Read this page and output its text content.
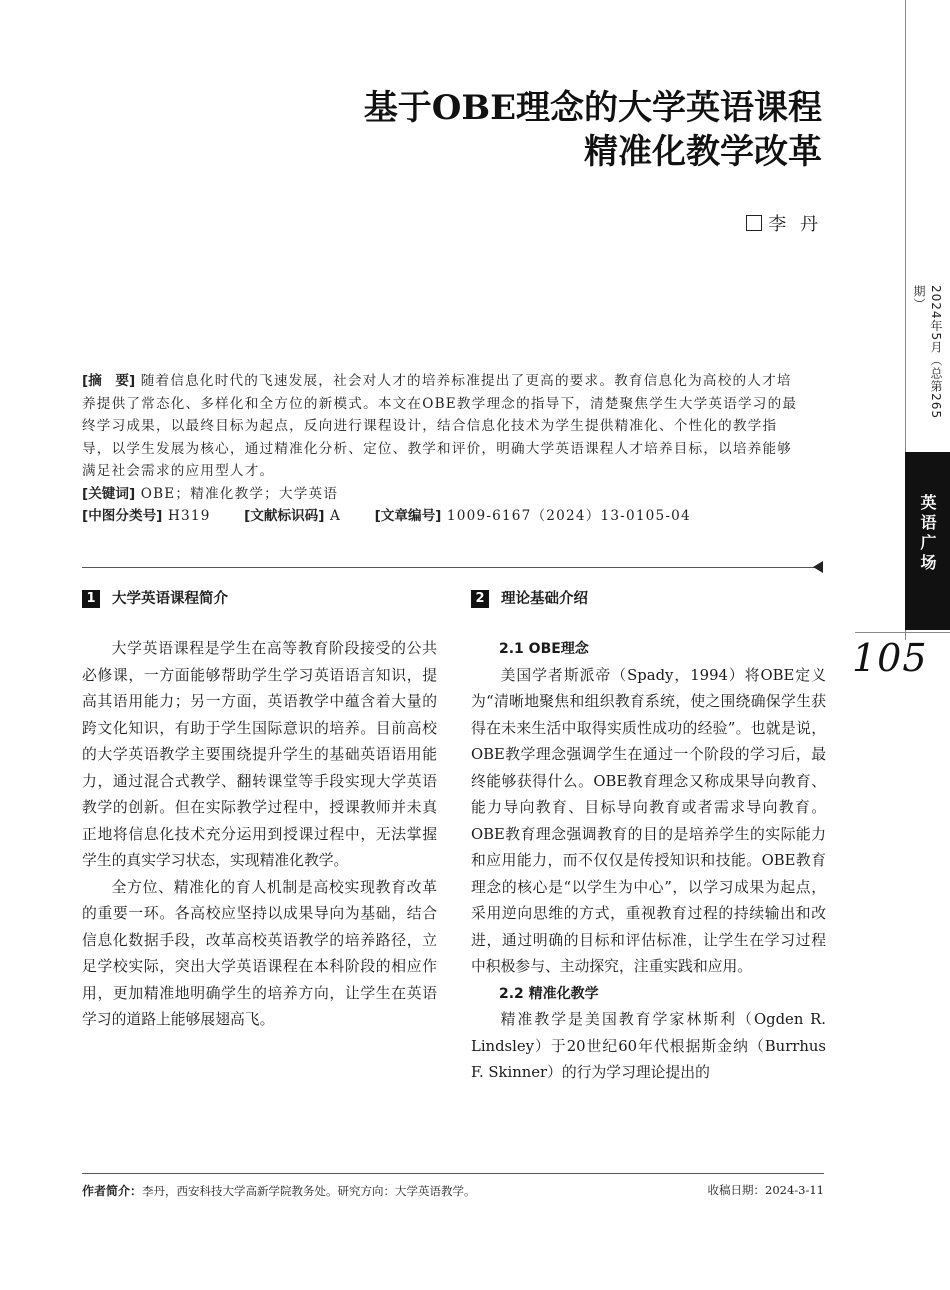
基于OBE理念的大学英语课程
精准化教学改革
李 丹
2024年5月（总第265期）
英语广场
105

[摘　要] 随着信息化时代的飞速发展，社会对人才的培养标准提出了更高的要求。教育信息化为高校的人才培养提供了常态化、多样化和全方位的新模式。本文在OBE教学理念的指导下，清楚聚焦学生大学英语学习的最终学习成果，以最终目标为起点，反向进行课程设计，结合信息化技术为学生提供精准化、个性化的教学指导，以学生发展为核心，通过精准化分析、定位、教学和评价，明确大学英语课程人才培养目标，以培养能够满足社会需求的应用型人才。

[关键词] OBE；精准化教学；大学英语

[中图分类号] H319 [文献标识码] A [文章编号] 1009-6167（2024）13-0105-04

1	大学英语课程简介

大学英语课程是学生在高等教育阶段接受的公共必修课，一方面能够帮助学生学习英语语言知识，提高其语用能力；另一方面，英语教学中蕴含着大量的跨文化知识，有助于学生国际意识的培养。目前高校的大学英语教学主要围绕提升学生的基础英语语用能力，通过混合式教学、翻转课堂等手段实现大学英语教学的创新。但在实际教学过程中，授课教师并未真正地将信息化技术充分运用到授课过程中，无法掌握学生的真实学习状态，实现精准化教学。

全方位、精准化的育人机制是高校实现教育改革的重要一环。各高校应坚持以成果导向为基础，结合信息化数据手段，改革高校英语教学的培养路径，立足学校实际，突出大学英语课程在本科阶段的相应作用，更加精准地明确学生的培养方向，让学生在英语学习的道路上能够展翅高飞。

2	理论基础介绍
2.1 OBE理念

美国学者斯派帝（Spady，1994）将OBE定义为“清晰地聚焦和组织教育系统，使之围绕确保学生获得在未来生活中取得实质性成功的经验”。也就是说，OBE教学理念强调学生在通过一个阶段的学习后，最终能够获得什么。OBE教育理念又称成果导向教育、能力导向教育、目标导向教育或者需求导向教育。OBE教育理念强调教育的目的是培养学生的实际能力和应用能力，而不仅仅是传授知识和技能。OBE教育理念的核心是“以学生为中心”，以学习成果为起点，采用逆向思维的方式，重视教育过程的持续输出和改进，通过明确的目标和评估标准，让学生在学习过程中积极参与、主动探究，注重实践和应用。

2.2 精准化教学

精准教学是美国教育学家林斯利（Ogden R. Lindsley）于20世纪60年代根据斯金纳（Burrhus F. Skinner）的行为学习理论提出的

作者简介：李丹，西安科技大学高新学院教务处。研究方向：大学英语教学。	收稿日期：2024-3-11
